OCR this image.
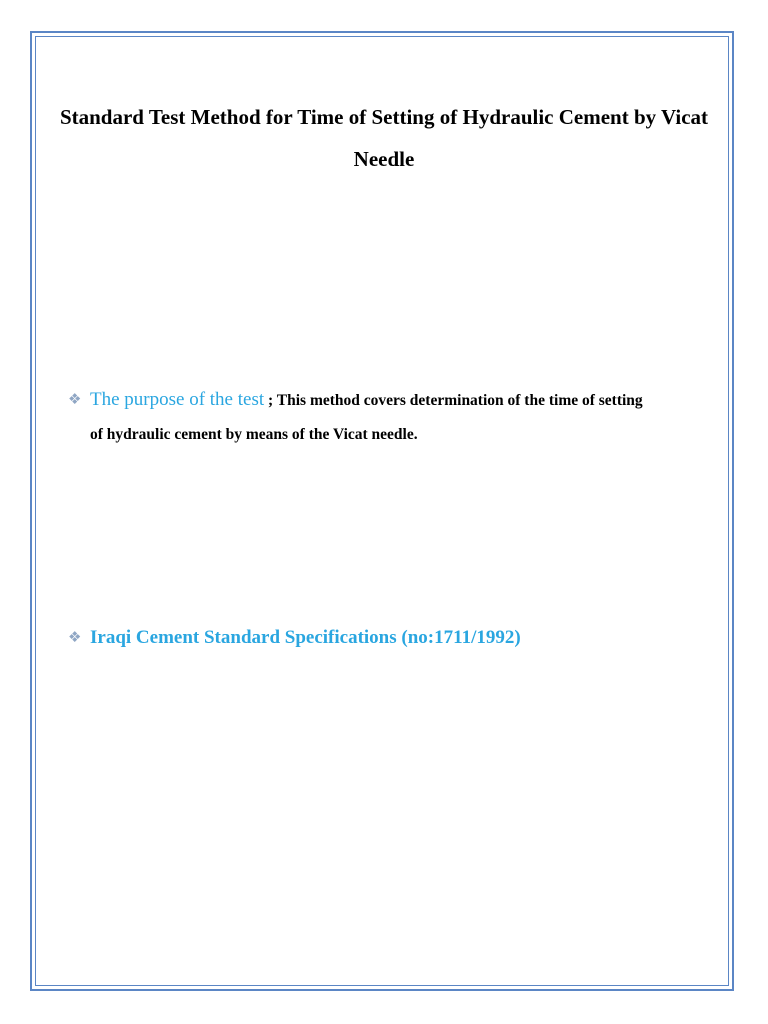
Standard Test Method for Time of Setting of Hydraulic Cement by Vicat Needle
❖ The purpose of the test ; This method covers determination of the time of setting
of hydraulic cement by means of the Vicat needle.
❖ Iraqi Cement Standard Specifications (no:1711/1992)
